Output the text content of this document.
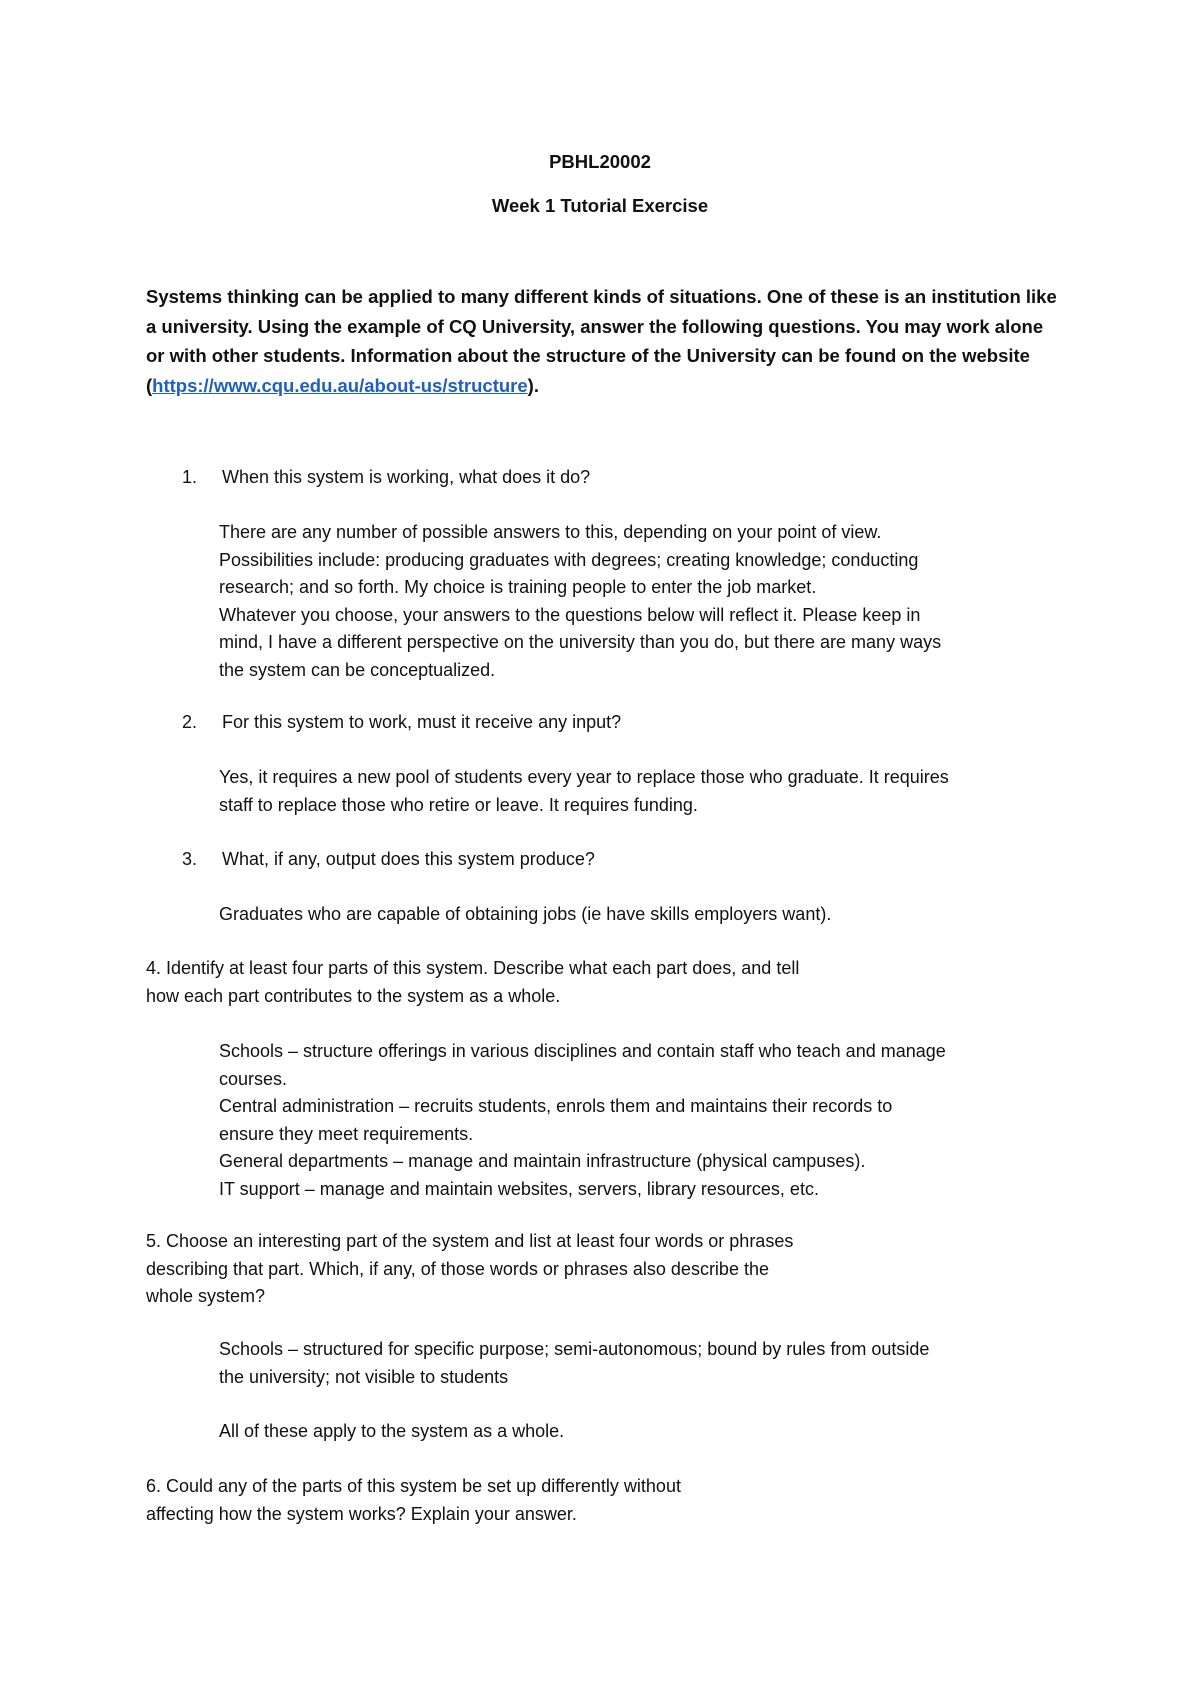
PBHL20002
Week 1 Tutorial Exercise
Systems thinking can be applied to many different kinds of situations. One of these is an institution like a university. Using the example of CQ University, answer the following questions. You may work alone or with other students. Information about the structure of the University can be found on the website (https://www.cqu.edu.au/about-us/structure).
1. When this system is working, what does it do?

There are any number of possible answers to this, depending on your point of view.

Possibilities include: producing graduates with degrees; creating knowledge; conducting

research; and so forth. My choice is training people to enter the job market.

Whatever you choose, your answers to the questions below will reflect it. Please keep in

mind, I have a different perspective on the university than you do, but there are many ways

the system can be conceptualized.

2. For this system to work, must it receive any input?

Yes, it requires a new pool of students every year to replace those who graduate. It requires

staff to replace those who retire or leave. It requires funding.

3. What, if any, output does this system produce?

Graduates who are capable of obtaining jobs (ie have skills employers want).

4. Identify at least four parts of this system. Describe what each part does, and tell

how each part contributes to the system as a whole.

Schools – structure offerings in various disciplines and contain staff who teach and manage

courses.

Central administration – recruits students, enrols them and maintains their records to

ensure they meet requirements.

General departments – manage and maintain infrastructure (physical campuses).

IT support – manage and maintain websites, servers, library resources, etc.

5. Choose an interesting part of the system and list at least four words or phrases

describing that part. Which, if any, of those words or phrases also describe the

whole system?

Schools – structured for specific purpose; semi-autonomous; bound by rules from outside

the university; not visible to students

All of these apply to the system as a whole.

6. Could any of the parts of this system be set up differently without

affecting how the system works? Explain your answer.
